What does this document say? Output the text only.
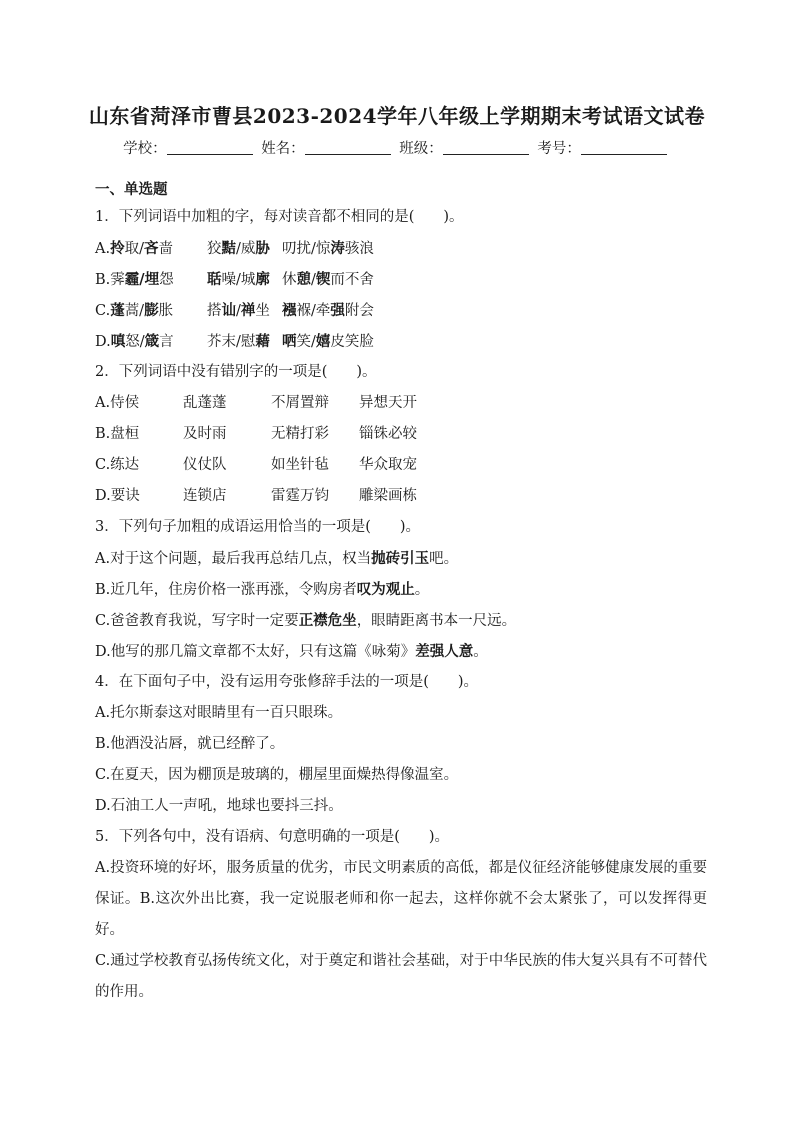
山东省菏泽市曹县2023-2024学年八年级上学期期末考试语文试卷
学校：	姓名：	班级：	考号：
一、单选题
1．下列词语中加粗的字，每对读音都不相同的是(　　)。
A.拎取/吝啬 狡黠/威胁 叨扰/惊涛骇浪
B.霁霾/埋怨 聒噪/城廓 休憩/锲而不舍
C.蓬蒿/膨胀 搭讪/禅坐 襁褓/牵强附会
D.嗔怒/箴言 芥末/慰藉 哂笑/嬉皮笑脸
2．下列词语中没有错别字的一项是(　　)。
A.侍侯	乱蓬蓬	不屑置辩 异想天开
B.盘桓	及时雨	无精打彩 锱铢必较
C.练达	仪仗队	如坐针毡 华众取宠
D.要诀	连锁店	雷霆万钧 雕梁画栋
3．下列句子加粗的成语运用恰当的一项是(　　)。
A.对于这个问题，最后我再总结几点，权当抛砖引玉吧。
B.近几年，住房价格一涨再涨，令购房者叹为观止。
C.爸爸教育我说，写字时一定要正襟危坐，眼睛距离书本一尺远。
D.他写的那几篇文章都不太好，只有这篇《咏菊》差强人意。
4．在下面句子中，没有运用夸张修辞手法的一项是(　　)。
A.托尔斯泰这对眼睛里有一百只眼珠。
B.他酒没沾唇，就已经醉了。
C.在夏天，因为棚顶是玻璃的，棚屋里面燥热得像温室。
D.石油工人一声吼，地球也要抖三抖。
5．下列各句中，没有语病、句意明确的一项是(　　)。
A.投资环境的好坏，服务质量的优劣，市民文明素质的高低，都是仪征经济能够健康发展的重要保证。B.这次外出比赛，我一定说服老师和你一起去，这样你就不会太紧张了，可以发挥得更好。
C.通过学校教育弘扬传统文化，对于奠定和谐社会基础，对于中华民族的伟大复兴具有不可替代的作用。
